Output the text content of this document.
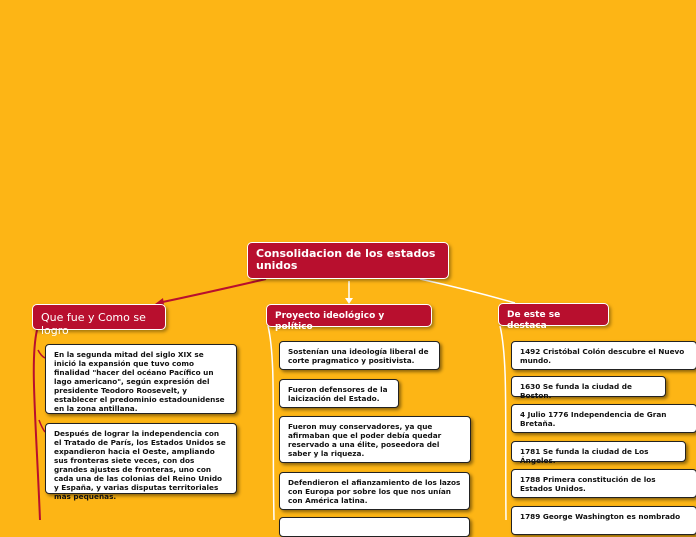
Consolidacion de los estados unidos
Que fue y Como se logro
Proyecto ideológico y político
De este se destaca
En la segunda mitad del siglo XIX se inició la expansión que tuvo como finalidad "hacer del océano Pacífico un lago americano", según expresión del presidente Teodoro Roosevelt, y establecer el predominio estadounidense en la zona antillana.
Después de lograr la independencia con el Tratado de París, los Estados Unidos se expandieron hacia el Oeste, ampliando sus fronteras siete veces, con dos grandes ajustes de fronteras, uno con cada una de las colonias del Reino Unido y España, y varias disputas territoriales más pequeñas.
Sostenían una ideología liberal de corte pragmatico y positivista.
Fueron defensores de la laicización del Estado.
Fueron muy conservadores, ya que afirmaban que el poder debía quedar reservado a una élite, poseedora del saber y la riqueza.
Defendieron el afianzamiento de los lazos con Europa por sobre los que nos unían con América latina.
1492 Cristóbal Colón descubre el Nuevo mundo.
1630 Se funda la ciudad de Boston.
4 Julio 1776 Independencia de Gran Bretaña.
1781 Se funda la ciudad de Los Ángeles.
1788 Primera constitución de los Estados Unidos.
1789 George Washington es nombrado
